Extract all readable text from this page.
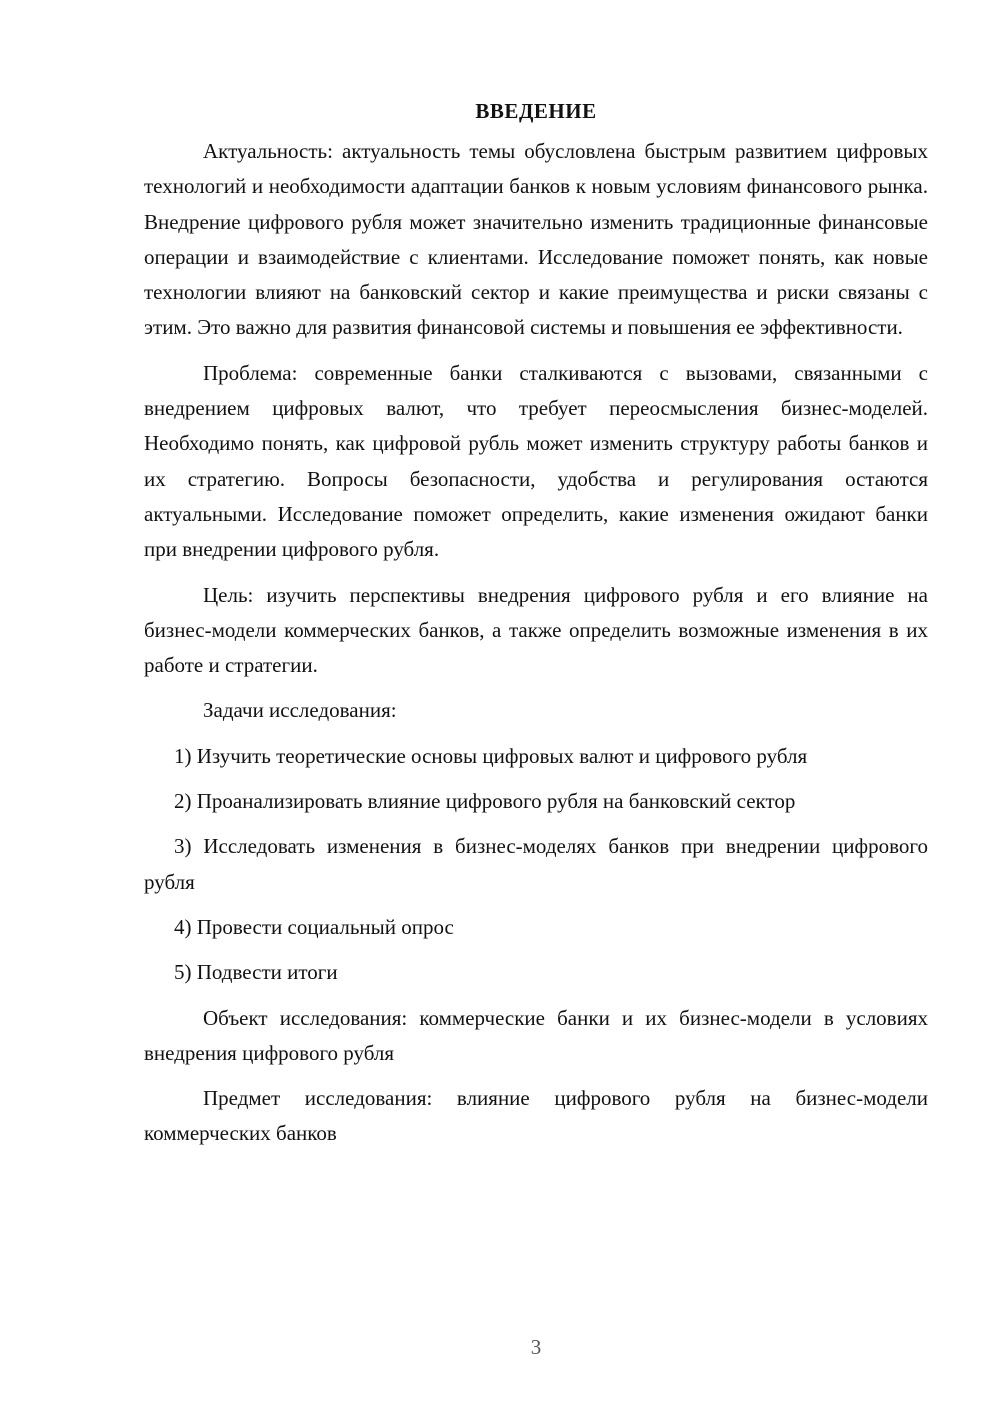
ВВЕДЕНИЕ

Актуальность: актуальность темы обусловлена быстрым развитием цифровых технологий и необходимости адаптации банков к новым условиям финансового рынка. Внедрение цифрового рубля может значительно изменить традиционные финансовые операции и взаимодействие с клиентами. Исследование поможет понять, как новые технологии влияют на банковский сектор и какие преимущества и риски связаны с этим. Это важно для развития финансовой системы и повышения ее эффективности.

Проблема: современные банки сталкиваются с вызовами, связанными с внедрением цифровых валют, что требует переосмысления бизнес-моделей. Необходимо понять, как цифровой рубль может изменить структуру работы банков и их стратегию. Вопросы безопасности, удобства и регулирования остаются актуальными. Исследование поможет определить, какие изменения ожидают банки при внедрении цифрового рубля.

Цель: изучить перспективы внедрения цифрового рубля и его влияние на бизнес-модели коммерческих банков, а также определить возможные изменения в их работе и стратегии.

Задачи исследования:

1) Изучить теоретические основы цифровых валют и цифрового рубля

2) Проанализировать влияние цифрового рубля на банковский сектор

3) Исследовать изменения в бизнес-моделях банков при внедрении цифрового рубля

4) Провести социальный опрос

5) Подвести итоги

Объект исследования: коммерческие банки и их бизнес-модели в условиях внедрения цифрового рубля

Предмет исследования: влияние цифрового рубля на бизнес-модели коммерческих банков

3
